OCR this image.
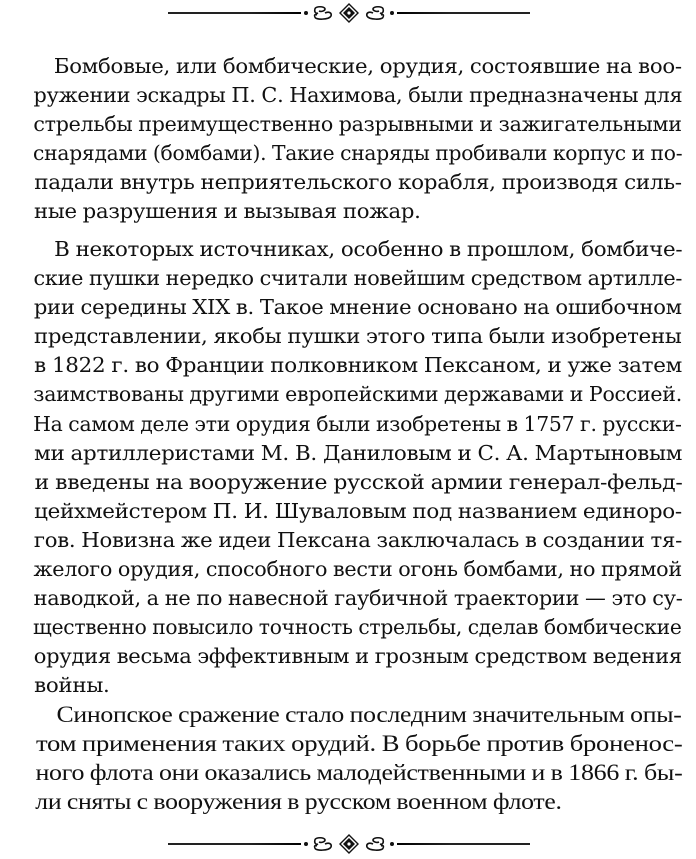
Бомбовые, или бомбические, орудия, состоявшие на воо-
ружении эскадры П. С. Нахимова, были предназначены для
стрельбы преимущественно разрывными и зажигательными
снарядами (бомбами). Такие снаряды пробивали корпус и по-
падали внутрь неприятельского корабля, производя силь-
ные разрушения и вызывая пожар.
В некоторых источниках, особенно в прошлом, бомбиче-
ские пушки нередко считали новейшим средством артилле-
рии середины XIX в. Такое мнение основано на ошибочном
представлении, якобы пушки этого типа были изобретены
в 1822 г. во Франции полковником Пексаном, и уже затем
заимствованы другими европейскими державами и Россией.
На самом деле эти орудия были изобретены в 1757 г. русски-
ми артиллеристами М. В. Даниловым и С. А. Мартыновым
и введены на вооружение русской армии генерал-фельд-
цейхмейстером П. И. Шуваловым под названием единоро-
гов. Новизна же идеи Пексана заключалась в создании тя-
желого орудия, способного вести огонь бомбами, но прямой
наводкой, а не по навесной гаубичной траектории — это су-
щественно повысило точность стрельбы, сделав бомбические
орудия весьма эффективным и грозным средством ведения
войны.
Синопское сражение стало последним значительным опы-
том применения таких орудий. В борьбе против броненос-
ного флота они оказались малодейственными и в 1866 г. бы-
ли сняты с вооружения в русском военном флоте.
